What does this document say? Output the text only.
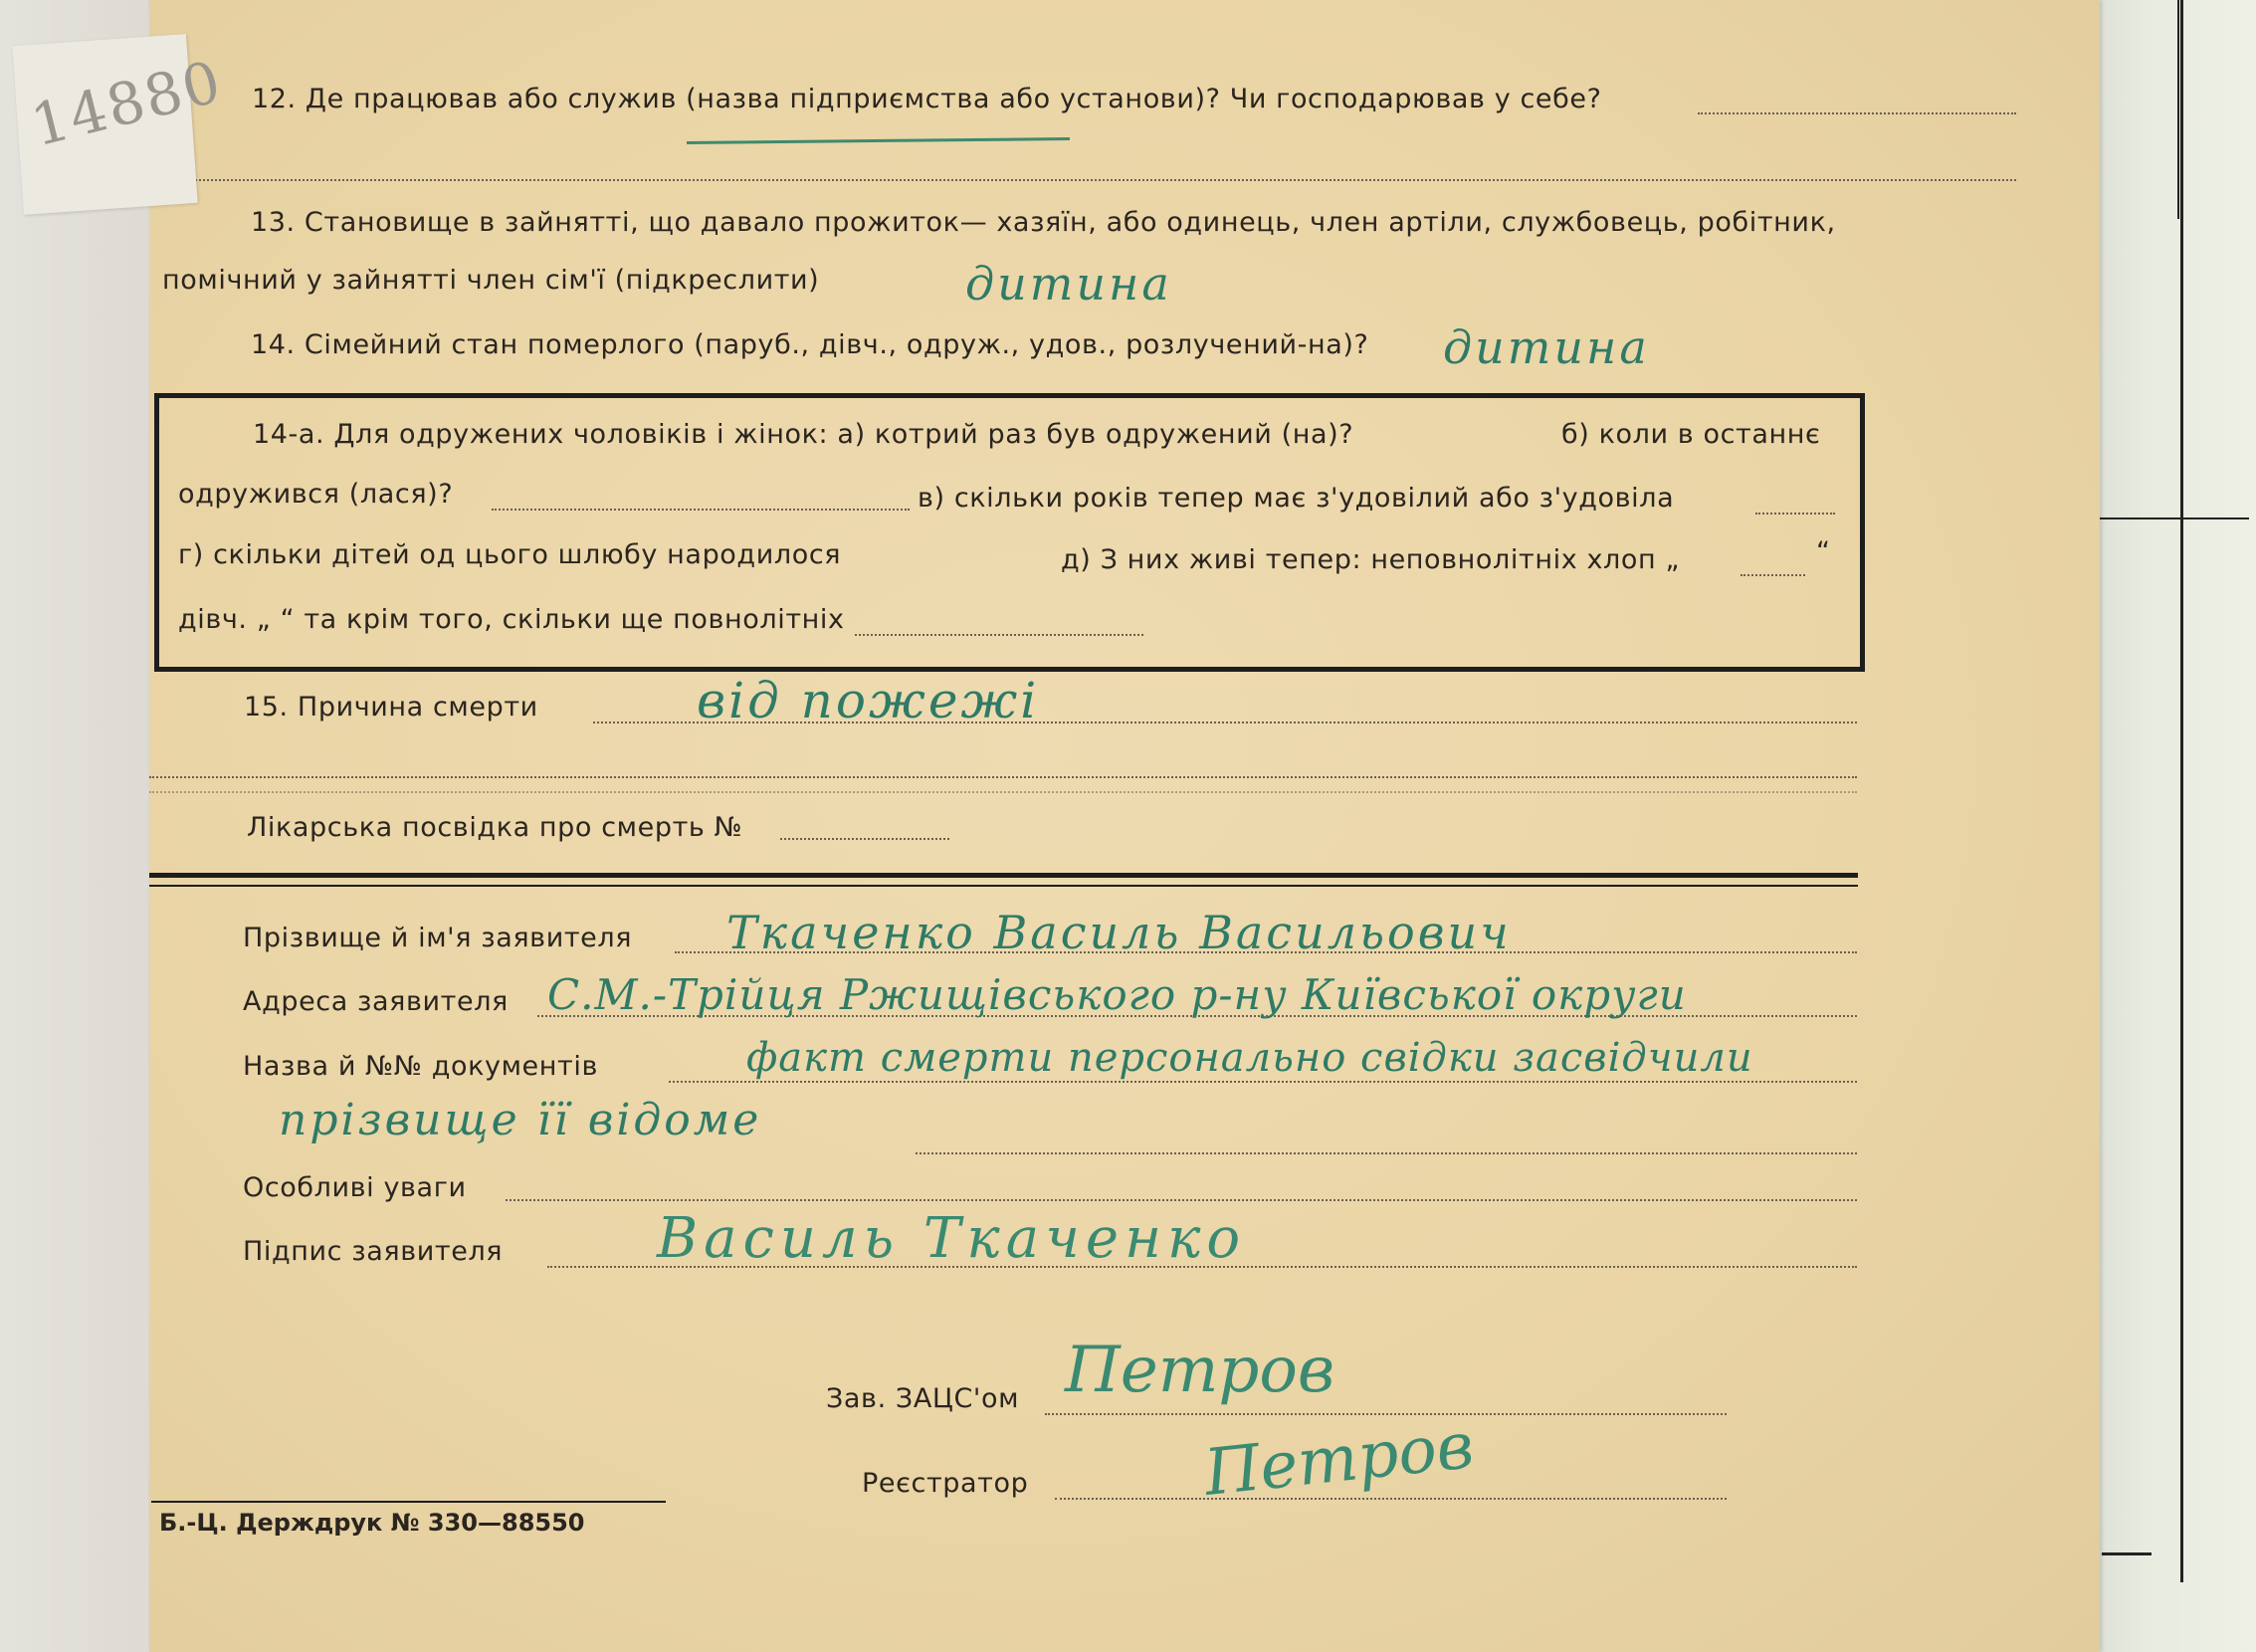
12. Де працював або служив (назва підприємства або установи)? Чи господарював у себе?
13. Становище в зайнятті, що давало прожиток— хазяїн, або одинець, член артіли, службовець, робітник,
помічний у зайнятті член сім'ї (підкреслити)	дитина
14. Сімейний стан померлого (паруб., дівч., одруж., удов., розлучений-на)? дитина
14-а. Для одружених чоловіків і жінок: а) котрий раз був одружений (на)?	б) коли в останнє
одружився (лася)?	в) скільки років тепер має з'удовілий або з'удовіла
г) скільки дітей од цього шлюбу народилося	д) З них живі тепер: неповнолітніх хлоп „	“
дівч. „ “ та крім того, скільки ще повнолітніх
15. Причина смерти	від пожежі
Лікарська посвідка про смерть №
Прізвище й ім'я заявителя Ткаченко Василь Васильович
Адреса заявителя С.М.-Трійця Ржищівського р-ну Київської округи
Назва й №№ документів	факт смерти персонально свідки засвідчили
прізвище її відоме
Особливі уваги
Підпис заявителя	Василь Ткаченко
Зав. ЗАЦС'ом Петров
Реєстратор	Петров
Б.-Ц. Держдрук № 330—88550
14880
